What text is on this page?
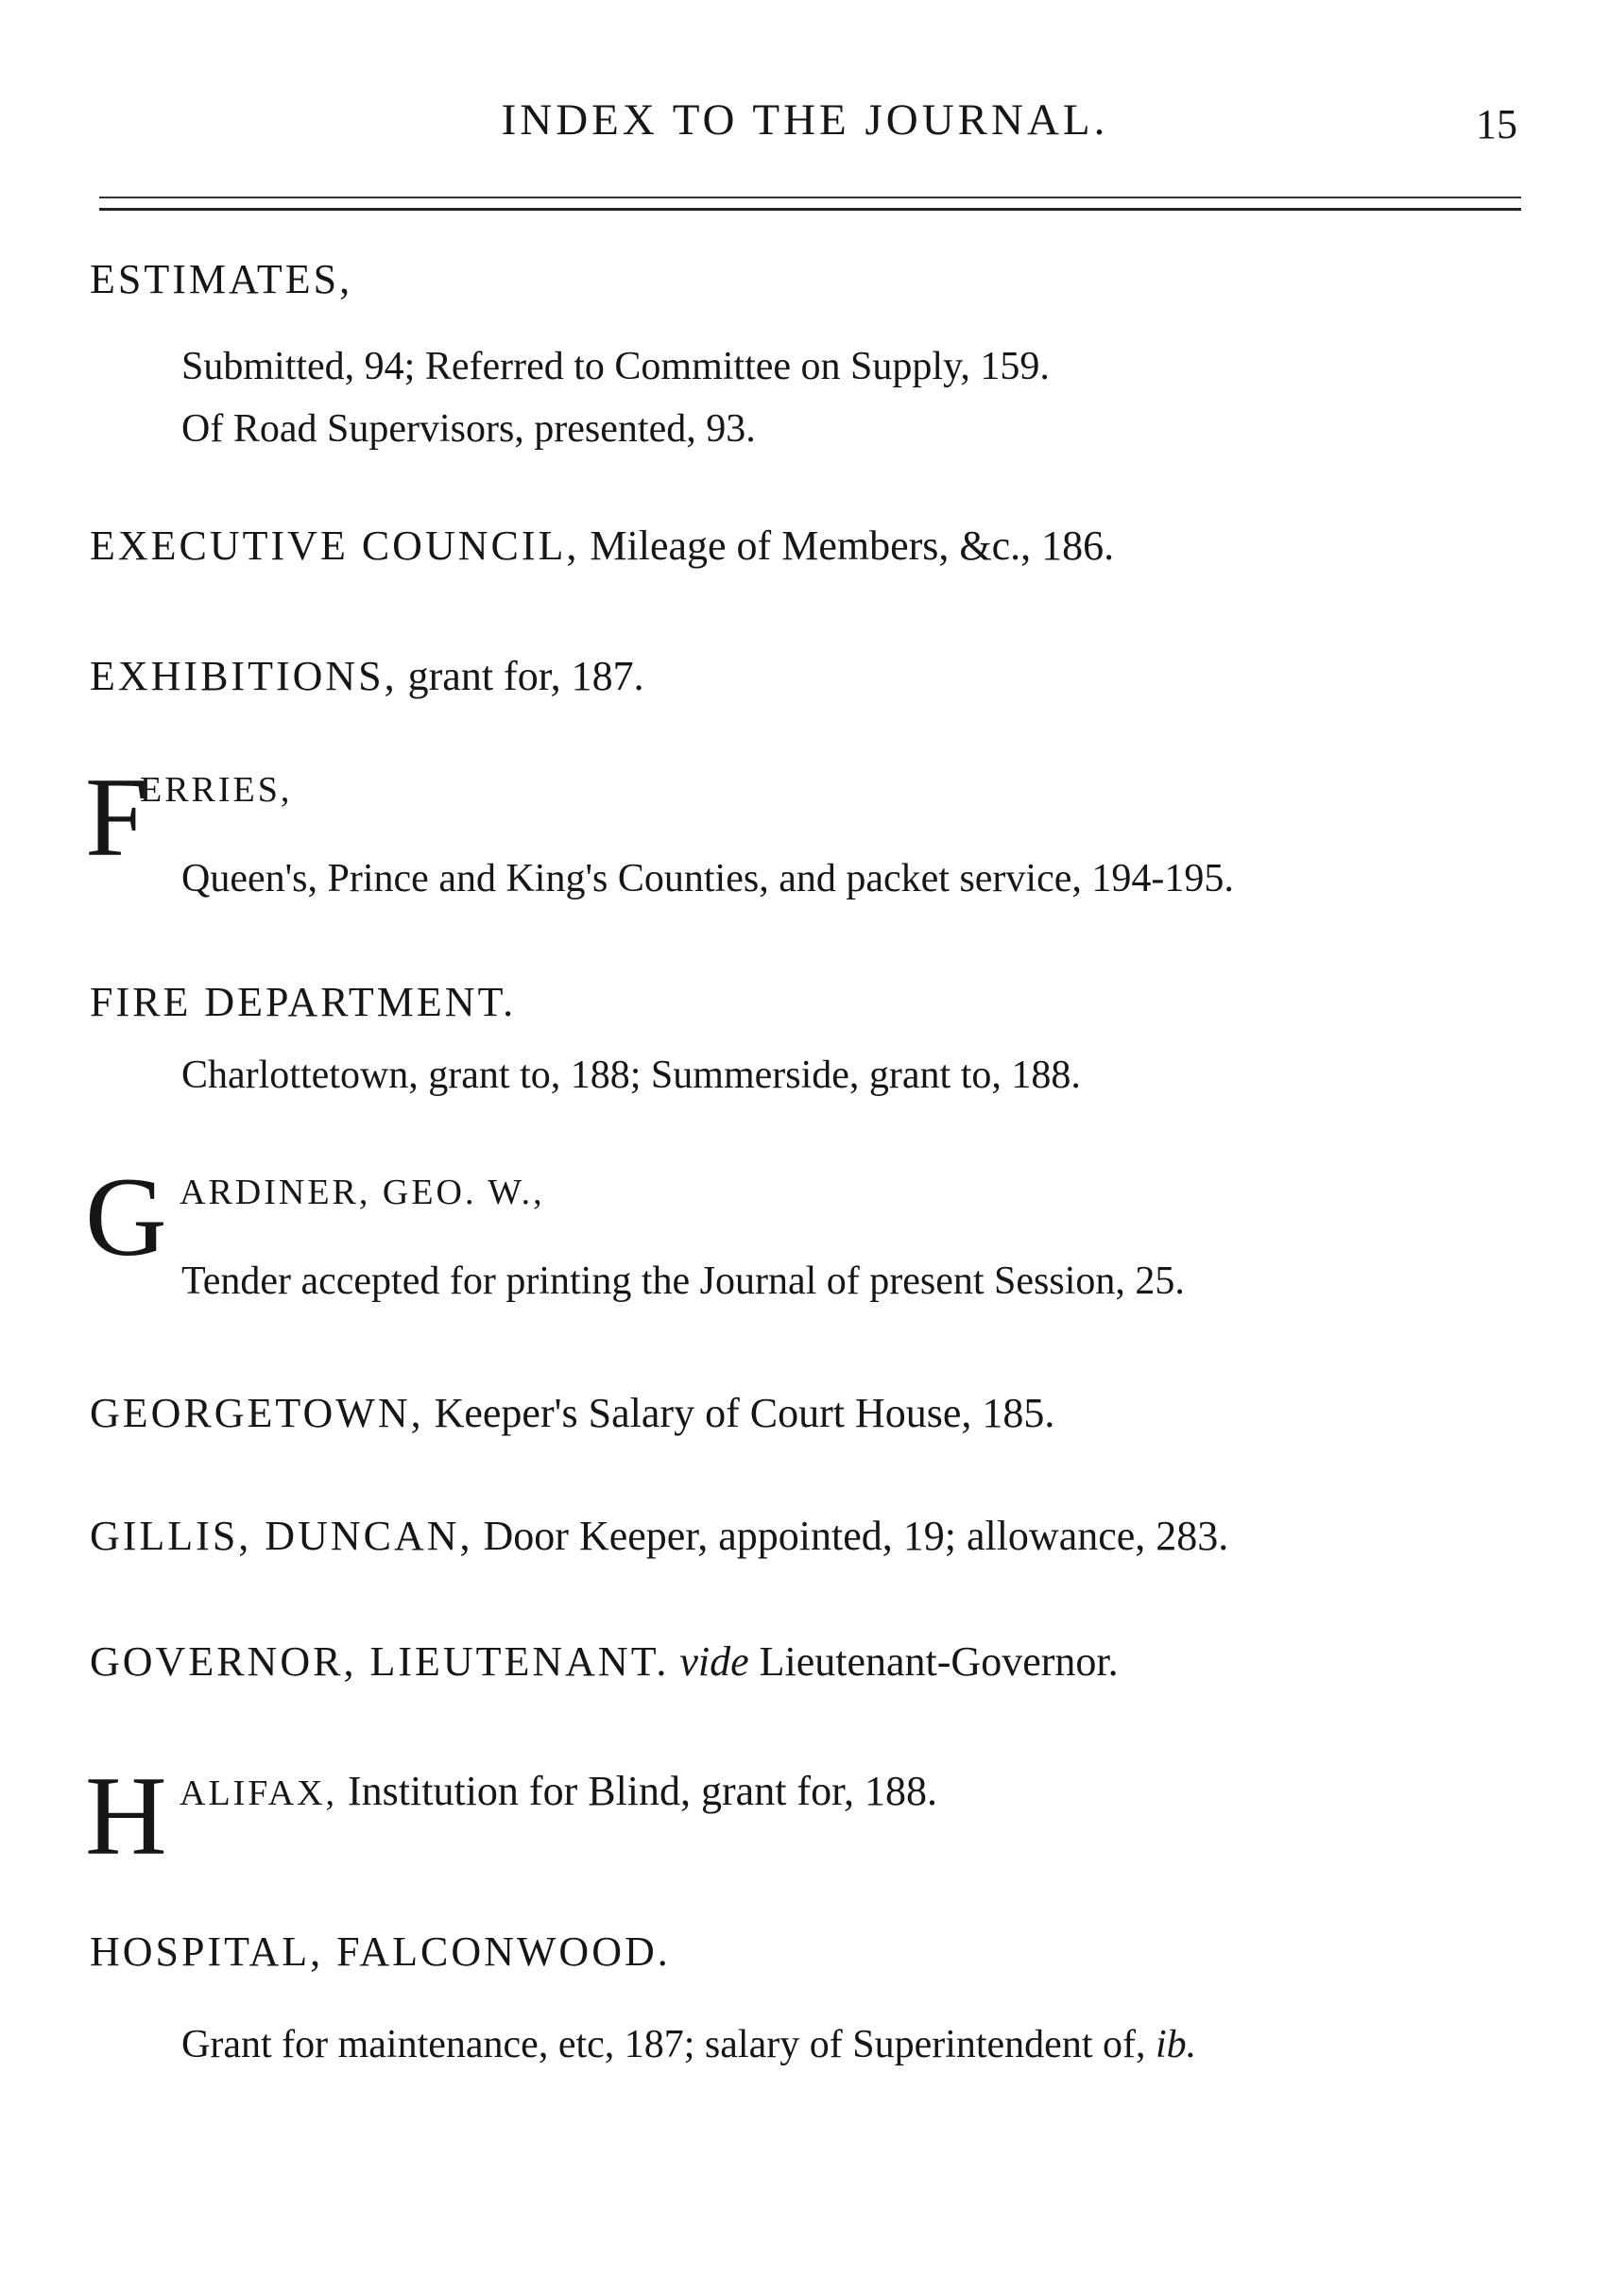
INDEX TO THE JOURNAL.	15
ESTIMATES,
Submitted, 94; Referred to Committee on Supply, 159.
Of Road Supervisors, presented, 93.
EXECUTIVE COUNCIL, Mileage of Members, &c., 186.
EXHIBITIONS, grant for, 187.
F
ERRIES,
Queen's, Prince and King's Counties, and packet service, 194-195.
FIRE DEPARTMENT.
Charlottetown, grant to, 188; Summerside, grant to, 188.
G ARDINER, GEO. W.,
Tender accepted for printing the Journal of present Session, 25.
GEORGETOWN, Keeper's Salary of Court House, 185.
GILLIS, DUNCAN, Door Keeper, appointed, 19; allowance, 283.
GOVERNOR, LIEUTENANT. vide Lieutenant-Governor.
H ALIFAX, Institution for Blind, grant for, 188.
HOSPITAL, FALCONWOOD.
Grant for maintenance, etc, 187; salary of Superintendent of, ib.
